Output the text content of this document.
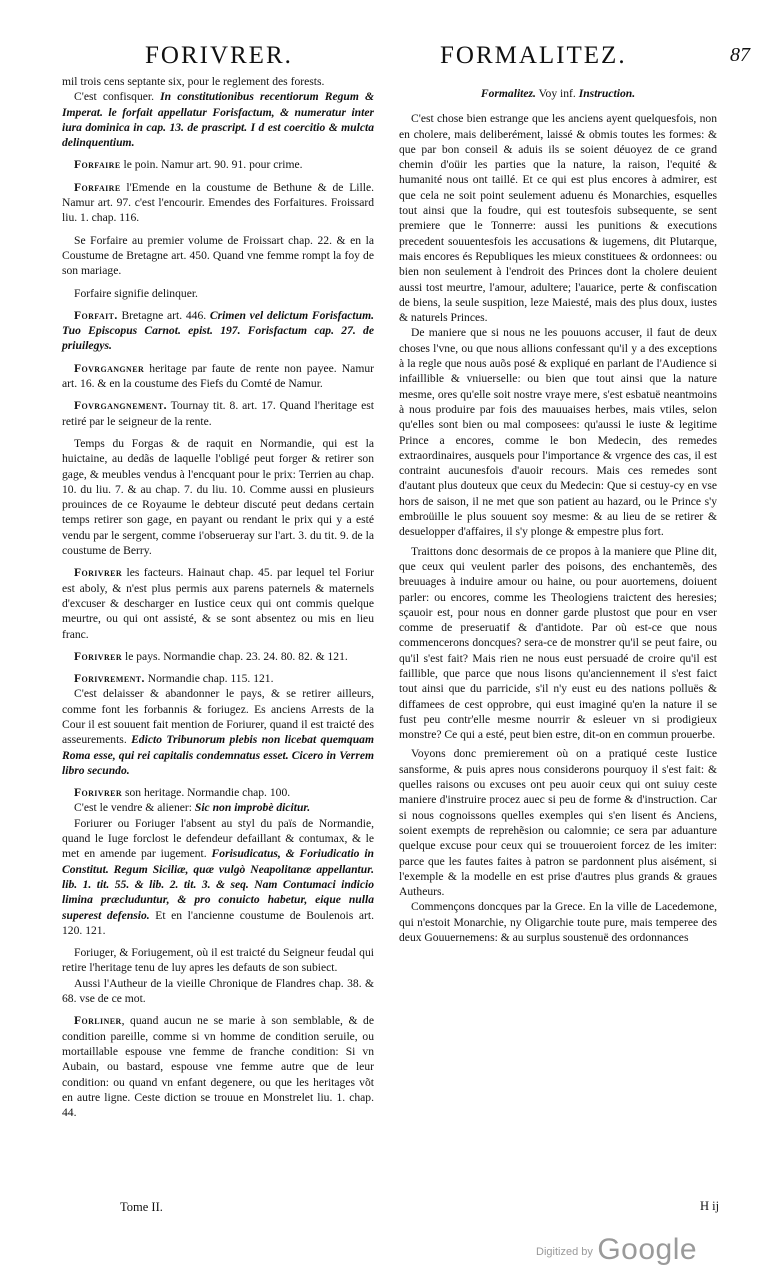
FORIVRER.	FORMALITEZ.	87

mil trois cens septante six, pour le reglement des forests.

C'est confisquer. In constitutionibus recentiorum Regum & Imperat. le forfait appellatur Forisfactum, & numeratur inter iura dominica in cap. 13. de prascript. I d est coercitio & mulcta delinquentium.

Forfaire le poin. Namur art. 90. 91. pour crime.

Forfaire l'Emende en la coustume de Bethune & de Lille. Namur art. 97. c'est l'encourir. Emendes des Forfaitures. Froissard liu. 1. chap. 116.

Se Forfaire au premier volume de Froissart chap. 22. & en la Coustume de Bretagne art. 450. Quand vne femme rompt la foy de son mariage.

Forfaire signifie delinquer.

Forfait. Bretagne art. 446. Crimen vel delictum Forisfactum. Tuo Episcopus Carnot. epist. 197. Forisfactum cap. 27. de priuilegys.

Fovrgangner heritage par faute de rente non payee. Namur art. 16. & en la coustume des Fiefs du Comté de Namur.

Fovrgangnement. Tournay tit. 8. art. 17. Quand l'heritage est retiré par le seigneur de la rente.

Temps du Forgas & de raquit en Normandie, qui est la huictaine, au dedãs de laquelle l'obligé peut forger & retirer son gage, & meubles vendus à l'encquant pour le prix: Terrien au chap. 10. du liu. 7. & au chap. 7. du liu. 10. Comme aussi en plusieurs prouinces de ce Royaume le debteur discuté peut dedans certain temps retirer son gage, en payant ou rendant le prix qui y a esté vendu par le sergent, comme i'obserueray sur l'art. 3. du tit. 9. de la coustume de Berry.

Forivrer les facteurs. Hainaut chap. 45. par lequel tel Foriur est aboly, & n'est plus permis aux parens paternels & maternels d'excuser & descharger en Iustice ceux qui ont commis quelque meurtre, ou qui ont assisté, & se sont absentez ou mis en lieu franc.

Forivrer le pays. Normandie chap. 23. 24. 80. 82. & 121.

Forivrement. Normandie chap. 115. 121.

C'est delaisser & abandonner le pays, & se retirer ailleurs, comme font les forbannis & foriugez. Es anciens Arrests de la Cour il est souuent fait mention de Foriurer, quand il est traicté des asseurements. Edicto Tribunorum plebis non licebat quemquam Roma esse, qui rei capitalis condemnatus esset. Cicero in Verrem libro secundo.

Forivrer son heritage. Normandie chap. 100.

C'est le vendre & aliener: Sic non improbè dicitur.

Foriurer ou Foriuger l'absent au styl du païs de Normandie, quand le Iuge forclost le defendeur defaillant & contumax, & le met en amende par iugement. Forisudicatus, & Foriudicatio in Constitut. Regum Siciliæ, quæ vulgò Neapolitanæ appellantur. lib. 1. tit. 55. & lib. 2. tit. 3. & seq. Nam Contumaci indicio limina præcluduntur, & pro conuicto habetur, eique nulla superest defensio. Et en l'ancienne coustume de Boulenois art. 120. 121.

Foriuger, & Foriugement, où il est traicté du Seigneur feudal qui retire l'heritage tenu de luy apres les defauts de son subiect.

Aussi l'Autheur de la vieille Chronique de Flandres chap. 38. & 68. vse de ce mot.

Forliner, quand aucun ne se marie à son semblable, & de condition pareille, comme si vn homme de condition seruile, ou mortaillable espouse vne femme de franche condition: Si vn Aubain, ou bastard, espouse vne femme autre que de leur condition: ou quand vn enfant degenere, ou que les heritages võt en autre ligne. Ceste diction se trouue en Monstrelet liu. 1. chap. 44.

Formalitez. Voy inf. Instruction.

C'est chose bien estrange que les anciens ayent quelquesfois, non en cholere, mais deliberément, laissé & obmis toutes les formes: & que par bon conseil & aduis ils se soient déuoyez de ce grand chemin d'oüir les parties que la nature, la raison, l'equité & humanité nous ont taillé. Et ce qui est plus encores à admirer, est que cela ne soit point seulement aduenu és Monarchies, esquelles tout ainsi que la foudre, qui est toutesfois subsequente, se sent premiere que le Tonnerre: aussi les punitions & executions precedent souuentesfois les accusations & iugemens, dit Plutarque, mais encores és Republiques les mieux constituees & ordonnees: ou bien non seulement à l'endroit des Princes dont la cholere deuient aussi tost meurtre, l'amour, adultere; l'auarice, perte & confiscation de biens, la seule suspition, leze Maiesté, mais des plus doux, iustes & naturels Princes.

De maniere que si nous ne les pouuons accuser, il faut de deux choses l'vne, ou que nous allions confessant qu'il y a des exceptions à la regle que nous auõs posé & expliqué en parlant de l'Audience si infaillible & vniuerselle: ou bien que tout ainsi que la nature mesme, ores qu'elle soit nostre vraye mere, s'est esbatuë neantmoins à nous produire par fois des mauuaises herbes, mais vtiles, selon qu'elles sont bien ou mal composees: qu'aussi le iuste & legitime Prince a encores, comme le bon Medecin, des remedes extraordinaires, ausquels pour l'importance & vrgence des cas, il est contraint aucunesfois d'auoir recours. Mais ces remedes sont d'autant plus douteux que ceux du Medecin: Que si cestuy-cy en vse hors de saison, il ne met que son patient au hazard, ou le Prince s'y embroüille le plus souuent soy mesme: & au lieu de se retirer & desuelopper d'affaires, il s'y plonge & empestre plus fort.

Traittons donc desormais de ce propos à la maniere que Pline dit, que ceux qui veulent parler des poisons, des enchantemẽs, des breuuages à induire amour ou haine, ou pour auortemens, doiuent parler: ou encores, comme les Theologiens traictent des heresies; sçauoir est, pour nous en donner garde plustost que pour en vser comme de preseruatif & d'antidote. Par où est-ce que nous commencerons doncques? sera-ce de monstrer qu'il se peut faire, ou qu'il s'est fait? Mais rien ne nous eust persuadé de croire qu'il est faillible, que parce que nous lisons qu'anciennement il s'est faict tout ainsi que du parricide, s'il n'y eust eu des nations polluës & diffamees de cest opprobre, qui eust imaginé qu'en la nature il se fust peu contr'elle mesme nourrir & esleuer vn si prodigieux monstre? Ce qui a esté, peut bien estre, dit-on en commun prouerbe.

Voyons donc premierement où on a pratiqué ceste Iustice sansforme, & puis apres nous considerons pourquoy il s'est fait: & quelles raisons ou excuses ont peu auoir ceux qui ont suiuy ceste maniere d'instruire procez auec si peu de forme & d'instruction. Car si nous cognoissons quelles exemples qui s'en lisent és Anciens, soient exempts de reprehẽsion ou calomnie; ce sera par aduanture quelque excuse pour ceux qui se trouueroient forcez de les imiter: parce que les fautes faites à patron se pardonnent plus aisément, si l'exemple & la modelle en est prise d'autres plus grands & graues Autheurs.

Commençons doncques par la Grece. En la ville de Lacedemone, qui n'estoit Monarchie, ny Oligarchie toute pure, mais temperee des deux Gouuernemens: & au surplus soustenuë des ordonnances

Tome II.	H ij
$^{Digitized by}$ Google
